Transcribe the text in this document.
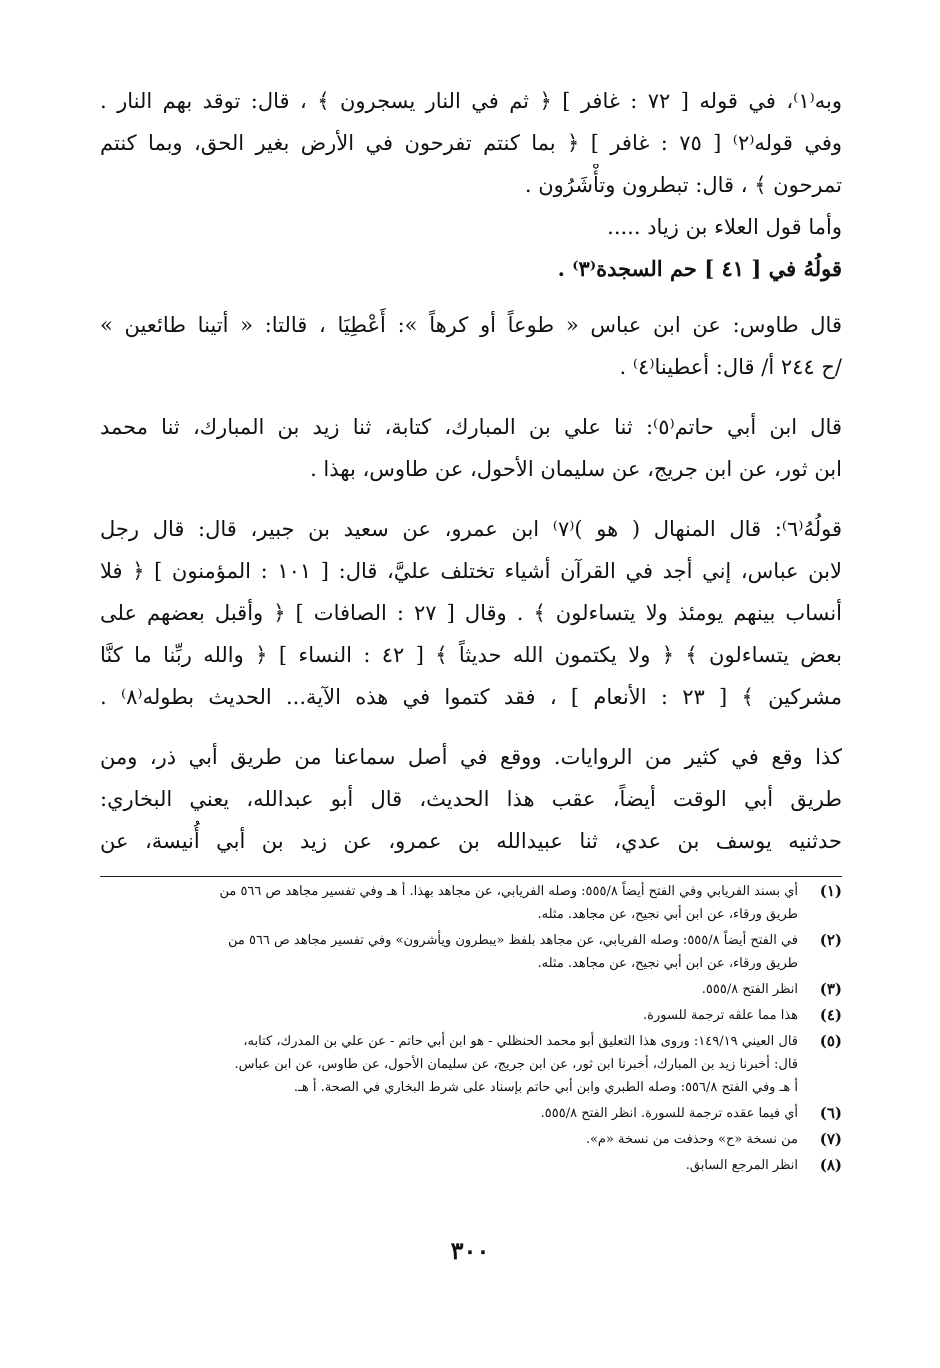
وبه⁽١⁾، في قوله [ ٧٢ : غافر ] ﴿ ثم في النار يسجرون ﴾ ، قال: توقد بهم النار .
وفي قوله⁽٢⁾ [ ٧٥ : غافر ] ﴿ بما كنتم تفرحون في الأرض بغير الحق، وبما كنتم
تمرحون ﴾ ، قال: تبطرون وتأْشَرُون .
وأما قول العلاء بن زياد .....
قولُهُ في [ ٤١ ] حم السجدة⁽٣⁾ .
قال طاوس: عن ابن عباس « طوعاً أو كرهاً »: أَعْطِيَا ، قالتا: « أتينا طائعين »
/ح ٢٤٤ أ/ قال: أعطينا⁽٤⁾ .
قال ابن أبي حاتم⁽٥⁾: ثنا علي بن المبارك، كتابة، ثنا زيد بن المبارك، ثنا محمد
ابن ثور، عن ابن جريج، عن سليمان الأحول، عن طاوس، بهذا .
قولُهُ⁽٦⁾: قال المنهال ( هو )⁽٧⁾ ابن عمرو، عن سعيد بن جبير، قال: قال رجل
لابن عباس، إني أجد في القرآن أشياء تختلف عليَّ، قال: [ ١٠١ : المؤمنون ] ﴿ فلا
أنساب بينهم يومئذ ولا يتساءلون ﴾ . وقال [ ٢٧ : الصافات ] ﴿ وأقبل بعضهم على
بعض يتساءلون ﴾ ﴿ ولا يكتمون الله حديثاً ﴾ [ ٤٢ : النساء ] ﴿ والله ربِّنا ما كنَّا
مشركين ﴾ [ ٢٣ : الأنعام ] ، فقد كتموا في هذه الآية... الحديث بطوله⁽٨⁾ .
كذا وقع في كثير من الروايات. ووقع في أصل سماعنا من طريق أبي ذر، ومن
طريق أبي الوقت أيضاً، عقب هذا الحديث، قال أبو عبدالله، يعني البخاري:
حدثنيه يوسف بن عدي، ثنا عبيدالله بن عمرو، عن زيد بن أبي أُنيسة، عن
(١)
أي بسند الفريابي وفي الفتح أيضاً ٥٥٥/٨: وصله الفريابي، عن مجاهد بهذا. أ هـ وفي تفسير مجاهد ص ٥٦٦ من
طريق ورقاء، عن ابن أبي نجيح، عن مجاهد. مثله.
(٢)
في الفتح أيضاً ٥٥٥/٨: وصله الفريابي، عن مجاهد بلفظ «يبطرون ويأشرون» وفي تفسير مجاهد ص ٥٦٦ من
طريق ورقاء، عن ابن أبي نجيح، عن مجاهد. مثله.
(٣)
انظر الفتح ٥٥٥/٨.
(٤)
هذا مما علقه ترجمة للسورة.
(٥)
قال العيني ١٤٩/١٩: وروى هذا التعليق أبو محمد الحنظلي - هو ابن أبي حاتم - عن علي بن المدرك، كتابه،
قال: أخبرنا زيد بن المبارك، أخبرنا ابن ثور، عن ابن جريج، عن سليمان الأحول، عن طاوس، عن ابن عباس.
أ هـ وفي الفتح ٥٥٦/٨: وصله الطبري وابن أبي حاتم بإسناد على شرط البخاري في الصحة. أ هـ.
(٦)
أي فيما عقده ترجمة للسورة. انظر الفتح ٥٥٥/٨.
(٧)
من نسخة «ح» وحذفت من نسخة «م».
(٨)
انظر المرجع السابق.
٣٠٠
